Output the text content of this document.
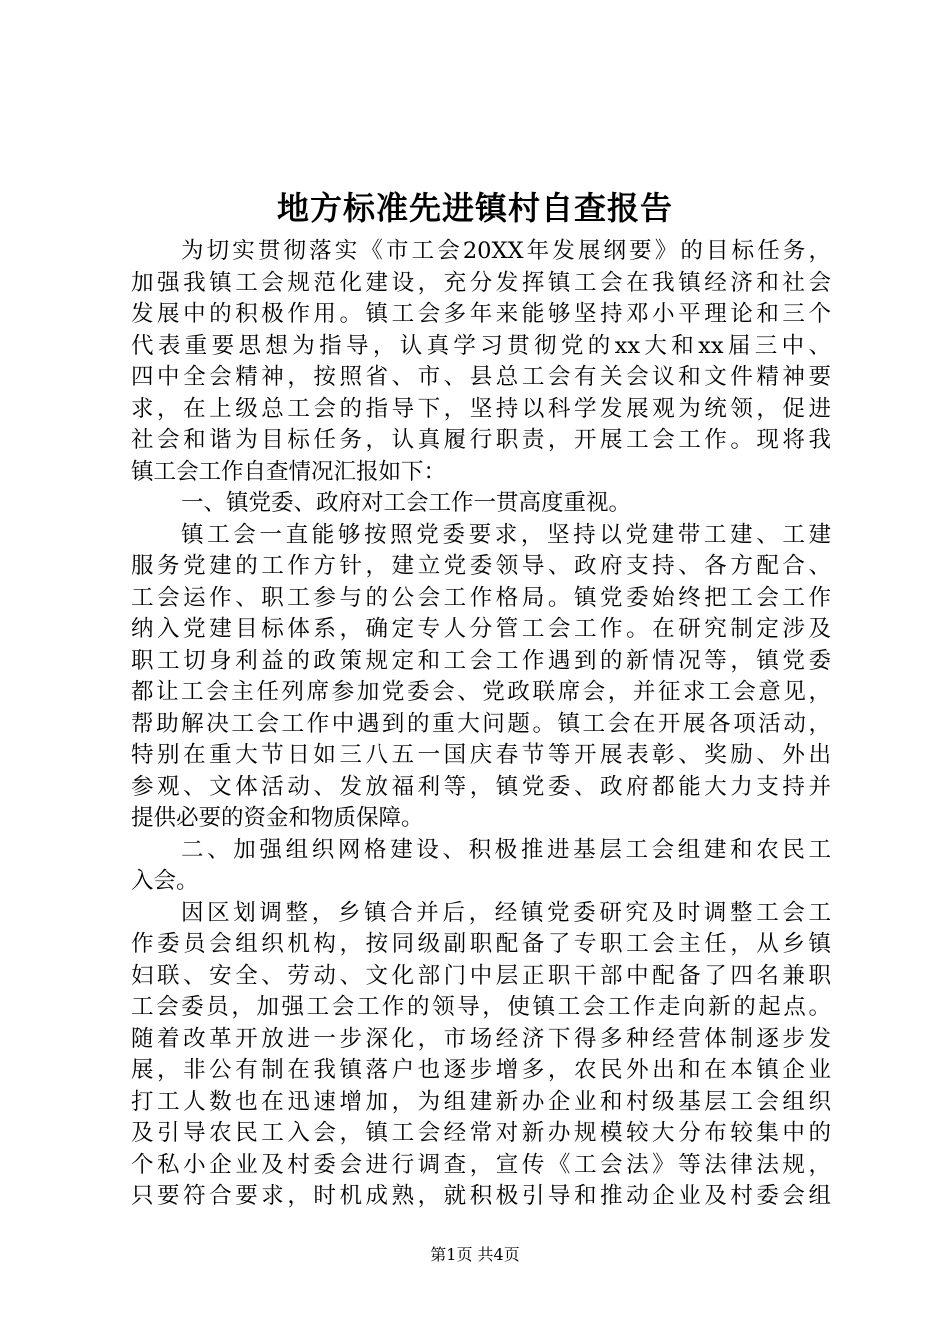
地方标准先进镇村自查报告
为切实贯彻落实《市工会20XX年发展纲要》的目标任务，
加强我镇工会规范化建设，充分发挥镇工会在我镇经济和社会
发展中的积极作用。镇工会多年来能够坚持邓小平理论和三个
代表重要思想为指导，认真学习贯彻党的xx大和xx届三中、
四中全会精神，按照省、市、县总工会有关会议和文件精神要
求，在上级总工会的指导下，坚持以科学发展观为统领，促进
社会和谐为目标任务，认真履行职责，开展工会工作。现将我
镇工会工作自查情况汇报如下：
一、镇党委、政府对工会工作一贯高度重视。
镇工会一直能够按照党委要求，坚持以党建带工建、工建
服务党建的工作方针，建立党委领导、政府支持、各方配合、
工会运作、职工参与的公会工作格局。镇党委始终把工会工作
纳入党建目标体系，确定专人分管工会工作。在研究制定涉及
职工切身利益的政策规定和工会工作遇到的新情况等，镇党委
都让工会主任列席参加党委会、党政联席会，并征求工会意见，
帮助解决工会工作中遇到的重大问题。镇工会在开展各项活动，
特别在重大节日如三八五一国庆春节等开展表彰、奖励、外出
参观、文体活动、发放福利等，镇党委、政府都能大力支持并
提供必要的资金和物质保障。
二、加强组织网格建设、积极推进基层工会组建和农民工
入会。
因区划调整，乡镇合并后，经镇党委研究及时调整工会工
作委员会组织机构，按同级副职配备了专职工会主任，从乡镇
妇联、安全、劳动、文化部门中层正职干部中配备了四名兼职
工会委员，加强工会工作的领导，使镇工会工作走向新的起点。
随着改革开放进一步深化，市场经济下得多种经营体制逐步发
展，非公有制在我镇落户也逐步增多，农民外出和在本镇企业
打工人数也在迅速增加，为组建新办企业和村级基层工会组织
及引导农民工入会，镇工会经常对新办规模较大分布较集中的
个私小企业及村委会进行调查，宣传《工会法》等法律法规，
只要符合要求，时机成熟，就积极引导和推动企业及村委会组
第1页 共4页
